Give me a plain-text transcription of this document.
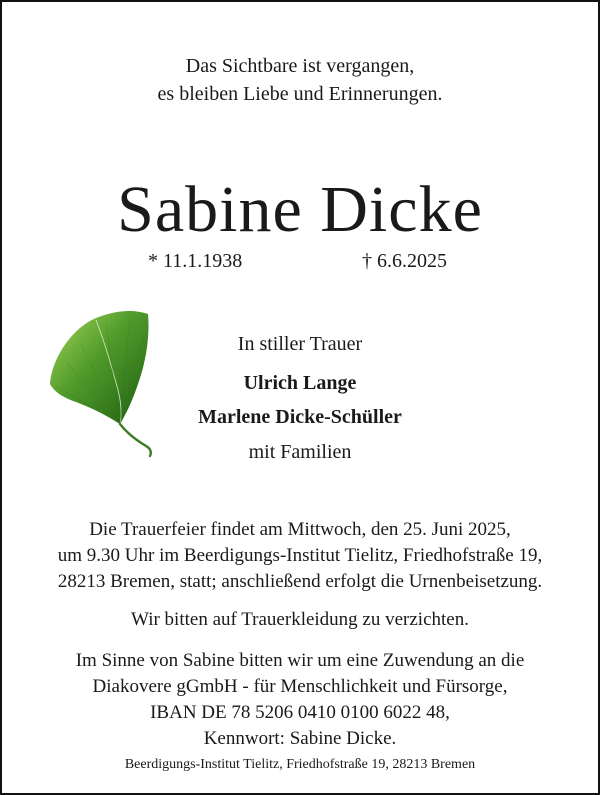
Das Sichtbare ist vergangen,
es bleiben Liebe und Erinnerungen.
Sabine Dicke
* 11.1.1938	† 6.6.2025
In stiller Trauer
Ulrich Lange
Marlene Dicke-Schüller
mit Familien
Die Trauerfeier findet am Mittwoch, den 25. Juni 2025,
um 9.30 Uhr im Beerdigungs-Institut Tielitz, Friedhofstraße 19,
28213 Bremen, statt; anschließend erfolgt die Urnenbeisetzung.
Wir bitten auf Trauerkleidung zu verzichten.
Im Sinne von Sabine bitten wir um eine Zuwendung an die
Diakovere gGmbH - für Menschlichkeit und Fürsorge,
IBAN DE 78 5206 0410 0100 6022 48,
Kennwort: Sabine Dicke.
Beerdigungs-Institut Tielitz, Friedhofstraße 19, 28213 Bremen
